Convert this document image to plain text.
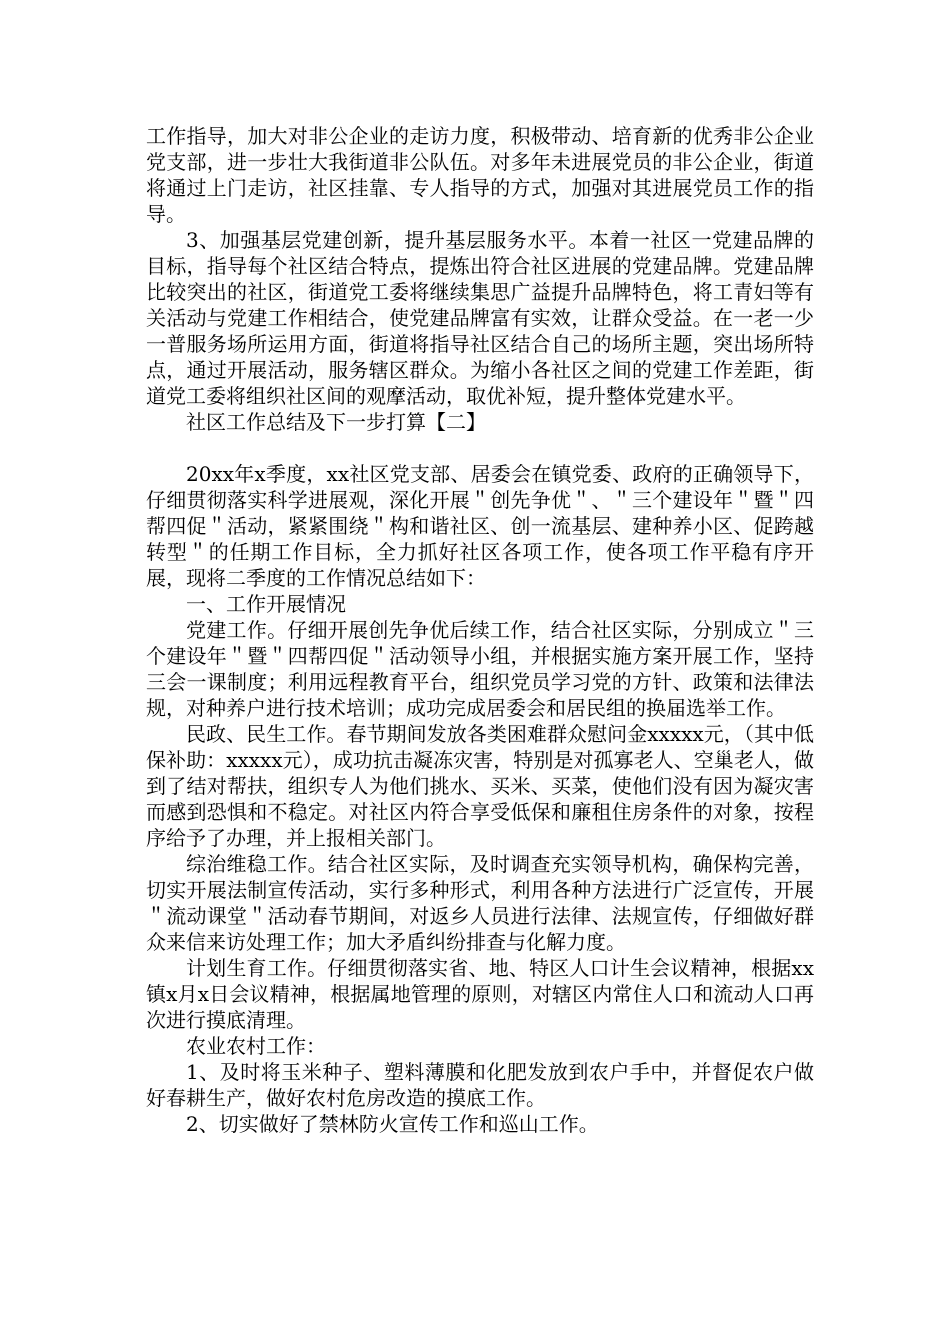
工作指导，加大对非公企业的走访力度，积极带动、培育新的优秀非公企业党支部，进一步壮大我街道非公队伍。对多年未进展党员的非公企业，街道将通过上门走访，社区挂靠、专人指导的方式，加强对其进展党员工作的指导。

3、加强基层党建创新，提升基层服务水平。本着一社区一党建品牌的目标，指导每个社区结合特点，提炼出符合社区进展的党建品牌。党建品牌比较突出的社区，街道党工委将继续集思广益提升品牌特色，将工青妇等有关活动与党建工作相结合，使党建品牌富有实效，让群众受益。在一老一少一普服务场所运用方面，街道将指导社区结合自己的场所主题，突出场所特点，通过开展活动，服务辖区群众。为缩小各社区之间的党建工作差距，街道党工委将组织社区间的观摩活动，取优补短，提升整体党建水平。

社区工作总结及下一步打算【二】

20xx年x季度，xx社区党支部、居委会在镇党委、政府的正确领导下，仔细贯彻落实科学进展观，深化开展＂创先争优＂、＂三个建设年＂暨＂四帮四促＂活动，紧紧围绕＂构和谐社区、创一流基层、建种养小区、促跨越转型＂的任期工作目标，全力抓好社区各项工作，使各项工作平稳有序开展，现将二季度的工作情况总结如下：

一、工作开展情况

党建工作。仔细开展创先争优后续工作，结合社区实际，分别成立＂三个建设年＂暨＂四帮四促＂活动领导小组，并根据实施方案开展工作，坚持三会一课制度；利用远程教育平台，组织党员学习党的方针、政策和法律法规，对种养户进行技术培训；成功完成居委会和居民组的换届选举工作。

民政、民生工作。春节期间发放各类困难群众慰问金xxxxx元，（其中低保补助：xxxxx元），成功抗击凝冻灾害，特别是对孤寡老人、空巢老人，做到了结对帮扶，组织专人为他们挑水、买米、买菜，使他们没有因为凝灾害而感到恐惧和不稳定。对社区内符合享受低保和廉租住房条件的对象，按程序给予了办理，并上报相关部门。

综治维稳工作。结合社区实际，及时调查充实领导机构，确保构完善，切实开展法制宣传活动，实行多种形式，利用各种方法进行广泛宣传，开展＂流动课堂＂活动春节期间，对返乡人员进行法律、法规宣传，仔细做好群众来信来访处理工作；加大矛盾纠纷排查与化解力度。

计划生育工作。仔细贯彻落实省、地、特区人口计生会议精神，根据xx镇x月x日会议精神，根据属地管理的原则，对辖区内常住人口和流动人口再次进行摸底清理。

农业农村工作：

1、及时将玉米种子、塑料薄膜和化肥发放到农户手中，并督促农户做好春耕生产，做好农村危房改造的摸底工作。

2、切实做好了禁林防火宣传工作和巡山工作。
